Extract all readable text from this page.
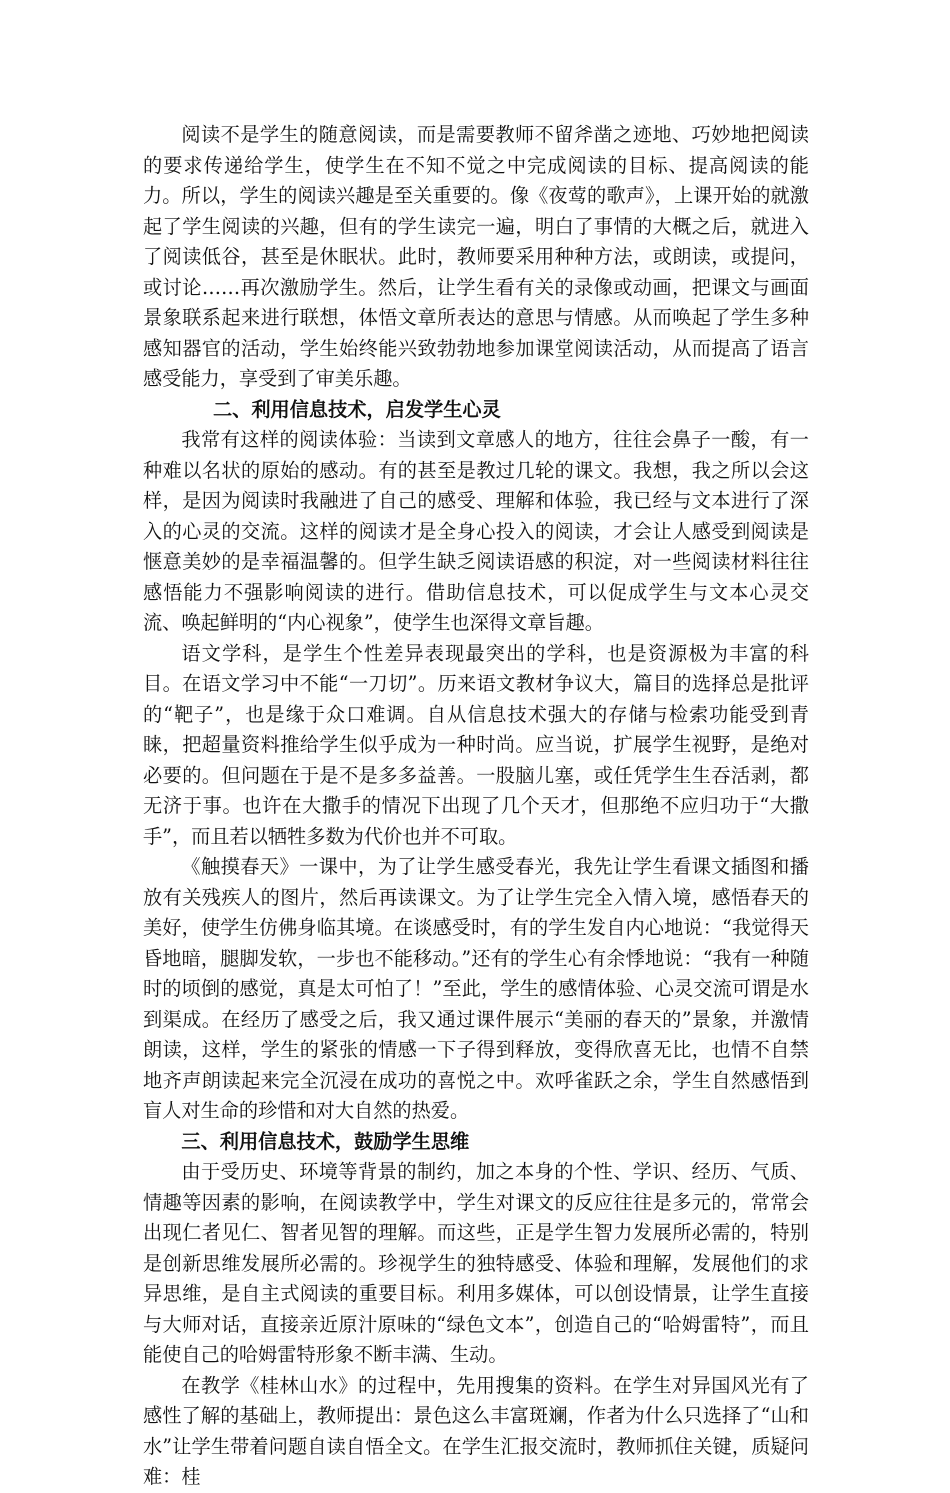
阅读不是学生的随意阅读，而是需要教师不留斧凿之迹地、巧妙地把阅读的要求传递给学生，使学生在不知不觉之中完成阅读的目标、提高阅读的能力。所以，学生的阅读兴趣是至关重要的。像《夜莺的歌声》，上课开始的就激起了学生阅读的兴趣，但有的学生读完一遍，明白了事情的大概之后，就进入了阅读低谷，甚至是休眠状。此时，教师要采用种种方法，或朗读，或提问，或讨论……再次激励学生。然后，让学生看有关的录像或动画，把课文与画面景象联系起来进行联想，体悟文章所表达的意思与情感。从而唤起了学生多种感知器官的活动，学生始终能兴致勃勃地参加课堂阅读活动，从而提高了语言感受能力，享受到了审美乐趣。

二、利用信息技术，启发学生心灵

我常有这样的阅读体验：当读到文章感人的地方，往往会鼻子一酸，有一种难以名状的原始的感动。有的甚至是教过几轮的课文。我想，我之所以会这样，是因为阅读时我融进了自己的感受、理解和体验，我已经与文本进行了深入的心灵的交流。这样的阅读才是全身心投入的阅读，才会让人感受到阅读是惬意美妙的是幸福温馨的。但学生缺乏阅读语感的积淀，对一些阅读材料往往感悟能力不强影响阅读的进行。借助信息技术，可以促成学生与文本心灵交流、唤起鲜明的“内心视象”，使学生也深得文章旨趣。

语文学科，是学生个性差异表现最突出的学科，也是资源极为丰富的科目。在语文学习中不能“一刀切”。历来语文教材争议大，篇目的选择总是批评的“靶子”，也是缘于众口难调。自从信息技术强大的存储与检索功能受到青睐，把超量资料推给学生似乎成为一种时尚。应当说，扩展学生视野，是绝对必要的。但问题在于是不是多多益善。一股脑儿塞，或任凭学生生吞活剥，都无济于事。也许在大撒手的情况下出现了几个天才，但那绝不应归功于“大撒手”，而且若以牺牲多数为代价也并不可取。

《触摸春天》一课中，为了让学生感受春光，我先让学生看课文插图和播放有关残疾人的图片，然后再读课文。为了让学生完全入情入境，感悟春天的美好，使学生仿佛身临其境。在谈感受时，有的学生发自内心地说：“我觉得天昏地暗，腿脚发软，一步也不能移动。”还有的学生心有余悸地说：“我有一种随时的顷倒的感觉，真是太可怕了！”至此，学生的感情体验、心灵交流可谓是水到渠成。在经历了感受之后，我又通过课件展示“美丽的春天的”景象，并激情朗读，这样，学生的紧张的情感一下子得到释放，变得欣喜无比，也情不自禁地齐声朗读起来完全沉浸在成功的喜悦之中。欢呼雀跃之余，学生自然感悟到盲人对生命的珍惜和对大自然的热爱。

三、利用信息技术，鼓励学生思维

由于受历史、环境等背景的制约，加之本身的个性、学识、经历、气质、情趣等因素的影响，在阅读教学中，学生对课文的反应往往是多元的，常常会出现仁者见仁、智者见智的理解。而这些，正是学生智力发展所必需的，特别是创新思维发展所必需的。珍视学生的独特感受、体验和理解，发展他们的求异思维，是自主式阅读的重要目标。利用多媒体，可以创设情景，让学生直接与大师对话，直接亲近原汁原味的“绿色文本”，创造自己的“哈姆雷特”，而且能使自己的哈姆雷特形象不断丰满、生动。

在教学《桂林山水》的过程中，先用搜集的资料。在学生对异国风光有了感性了解的基础上，教师提出：景色这么丰富斑斓，作者为什么只选择了“山和水”让学生带着问题自读自悟全文。在学生汇报交流时，教师抓住关键，质疑问难：桂
